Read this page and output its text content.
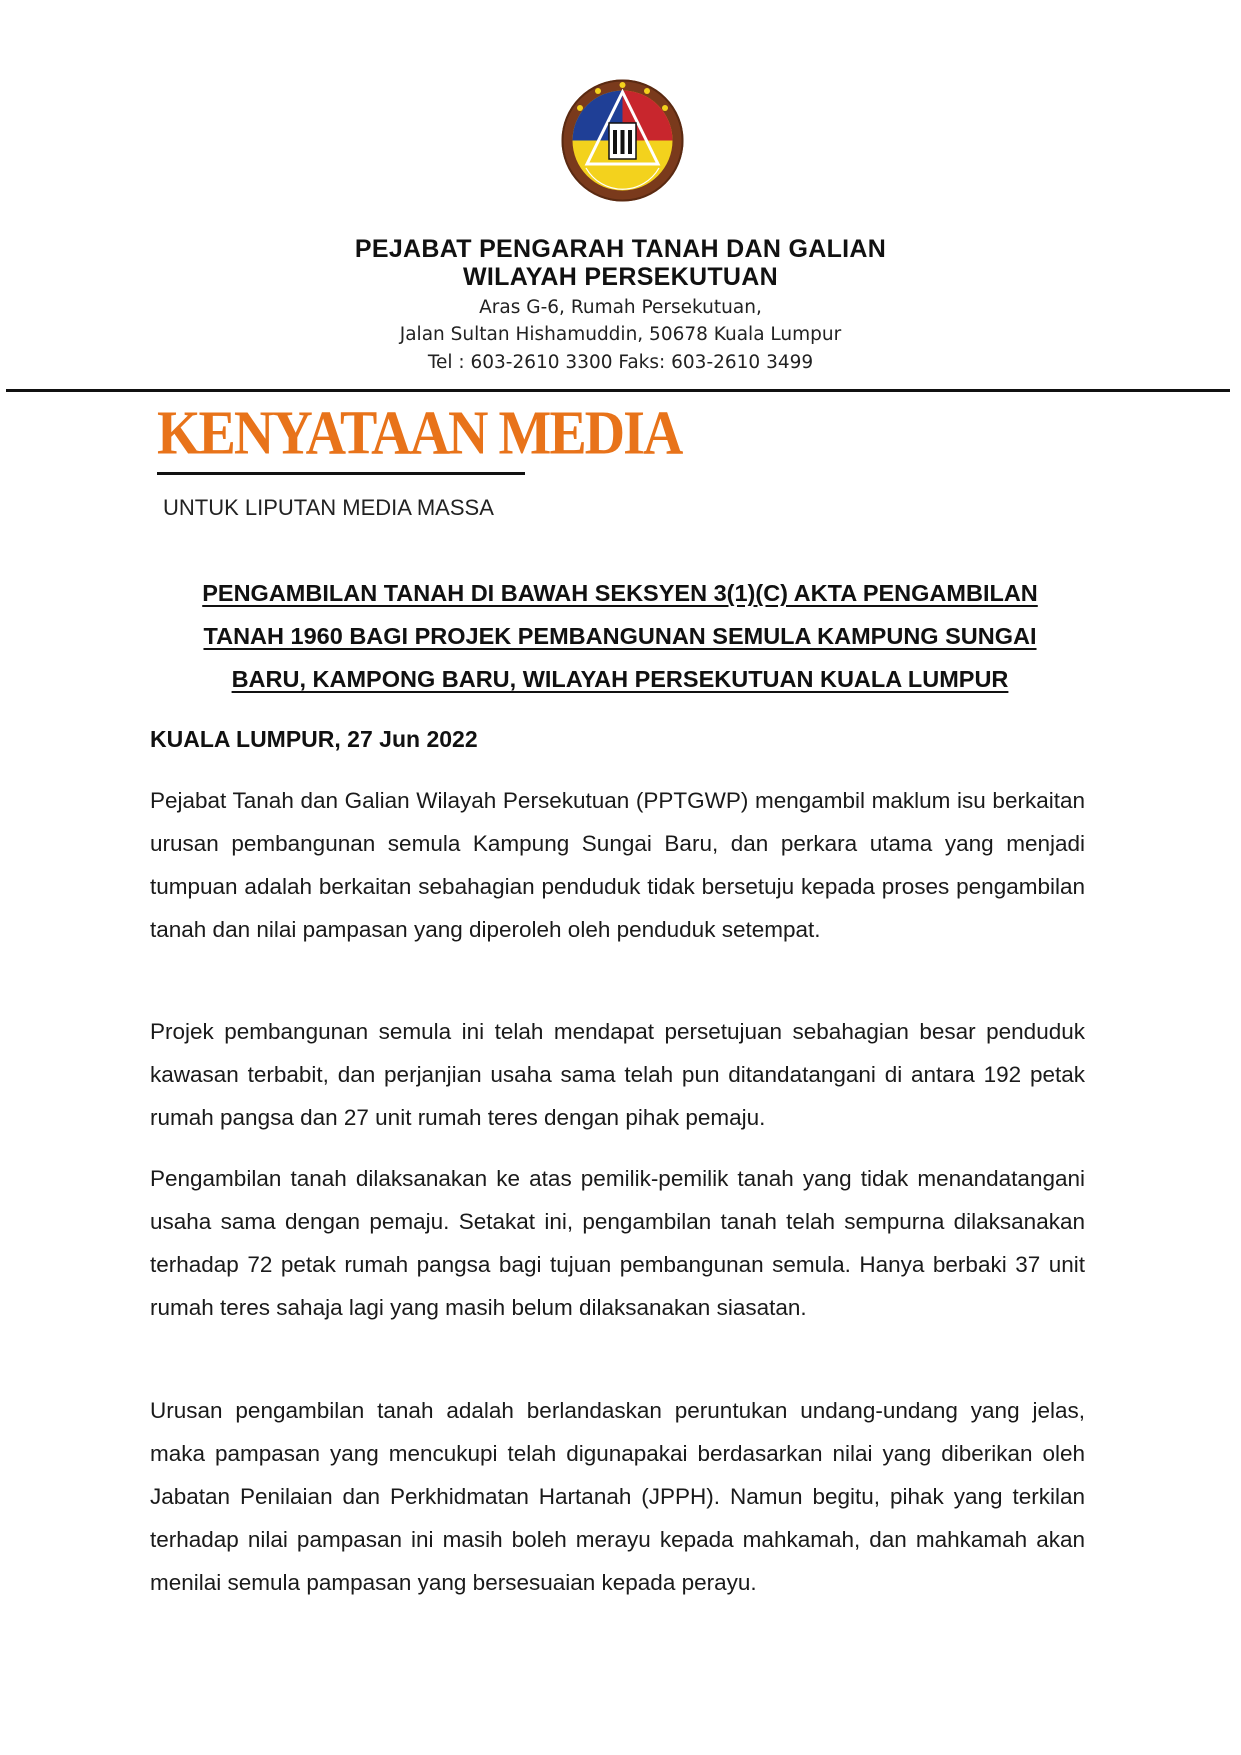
PEJABAT PENGARAH TANAH DAN GALIAN
WILAYAH PERSEKUTUAN
Aras G-6, Rumah Persekutuan,
Jalan Sultan Hishamuddin, 50678 Kuala Lumpur
Tel : 603-2610 3300 Faks: 603-2610 3499
KENYATAAN MEDIA
UNTUK LIPUTAN MEDIA MASSA
PENGAMBILAN TANAH DI BAWAH SEKSYEN 3(1)(C) AKTA PENGAMBILAN
TANAH 1960 BAGI PROJEK PEMBANGUNAN SEMULA KAMPUNG SUNGAI
BARU, KAMPONG BARU, WILAYAH PERSEKUTUAN KUALA LUMPUR
KUALA LUMPUR, 27 Jun 2022
Pejabat Tanah dan Galian Wilayah Persekutuan (PPTGWP) mengambil maklum isu berkaitan urusan pembangunan semula Kampung Sungai Baru, dan perkara utama yang menjadi tumpuan adalah berkaitan sebahagian penduduk tidak bersetuju kepada proses pengambilan tanah dan nilai pampasan yang diperoleh oleh penduduk setempat.
Projek pembangunan semula ini telah mendapat persetujuan sebahagian besar penduduk kawasan terbabit, dan perjanjian usaha sama telah pun ditandatangani di antara 192 petak rumah pangsa dan 27 unit rumah teres dengan pihak pemaju.
Pengambilan tanah dilaksanakan ke atas pemilik-pemilik tanah yang tidak menandatangani usaha sama dengan pemaju. Setakat ini, pengambilan tanah telah sempurna dilaksanakan terhadap 72 petak rumah pangsa bagi tujuan pembangunan semula. Hanya berbaki 37 unit rumah teres sahaja lagi yang masih belum dilaksanakan siasatan.
Urusan pengambilan tanah adalah berlandaskan peruntukan undang-undang yang jelas, maka pampasan yang mencukupi telah digunapakai berdasarkan nilai yang diberikan oleh Jabatan Penilaian dan Perkhidmatan Hartanah (JPPH). Namun begitu, pihak yang terkilan terhadap nilai pampasan ini masih boleh merayu kepada mahkamah, dan mahkamah akan menilai semula pampasan yang bersesuaian kepada perayu.
